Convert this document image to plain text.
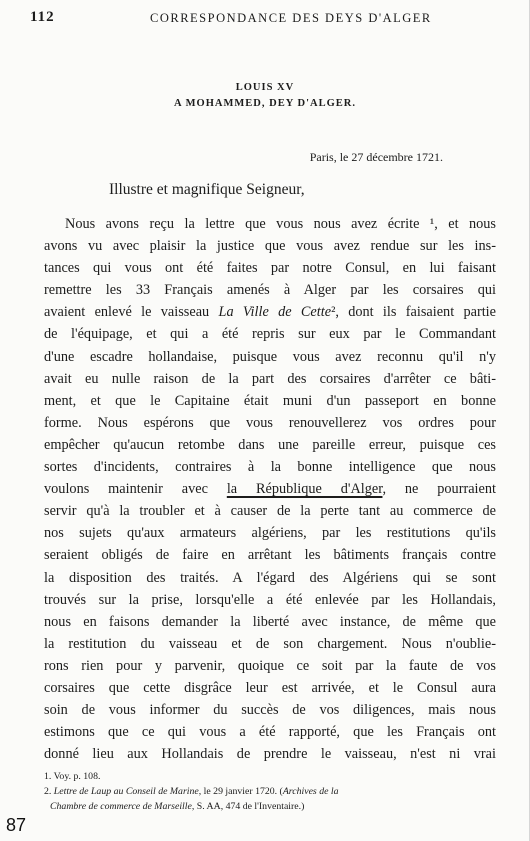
112	CORRESPONDANCE DES DEYS D'ALGER
LOUIS XV
A MOHAMMED, DEY D'ALGER.
Paris, le 27 décembre 1721.
Illustre et magnifique Seigneur,
Nous avons reçu la lettre que vous nous avez écrite ¹, et nous
avons vu avec plaisir la justice que vous avez rendue sur les ins-
tances qui vous ont été faites par notre Consul, en lui faisant
remettre les 33 Français amenés à Alger par les corsaires qui
avaient enlevé le vaisseau La Ville de Cette², dont ils faisaient partie
de l'équipage, et qui a été repris sur eux par le Commandant
d'une escadre hollandaise, puisque vous avez reconnu qu'il n'y
avait eu nulle raison de la part des corsaires d'arrêter ce bâti-
ment, et que le Capitaine était muni d'un passeport en bonne
forme. Nous espérons que vous renouvellerez vos ordres pour
empêcher qu'aucun retombe dans une pareille erreur, puisque ces
sortes d'incidents, contraires à la bonne intelligence que nous
voulons maintenir avec la République d'Alger, ne pourraient
servir qu'à la troubler et à causer de la perte tant au commerce de
nos sujets qu'aux armateurs algériens, par les restitutions qu'ils
seraient obligés de faire en arrêtant les bâtiments français contre
la disposition des traités. A l'égard des Algériens qui se sont
trouvés sur la prise, lorsqu'elle a été enlevée par les Hollandais,
nous en faisons demander la liberté avec instance, de même que
la restitution du vaisseau et de son chargement. Nous n'oublie-
rons rien pour y parvenir, quoique ce soit par la faute de vos
corsaires que cette disgrâce leur est arrivée, et le Consul aura
soin de vous informer du succès de vos diligences, mais nous
estimons que ce qui vous a été rapporté, que les Français ont
donné lieu aux Hollandais de prendre le vaisseau, n'est ni vrai
1. Voy. p. 108.
2. Lettre de Laup au Conseil de Marine, le 29 janvier 1720. (Archives de la
Chambre de commerce de Marseille, S. AA, 474 de l'Inventaire.)
87
